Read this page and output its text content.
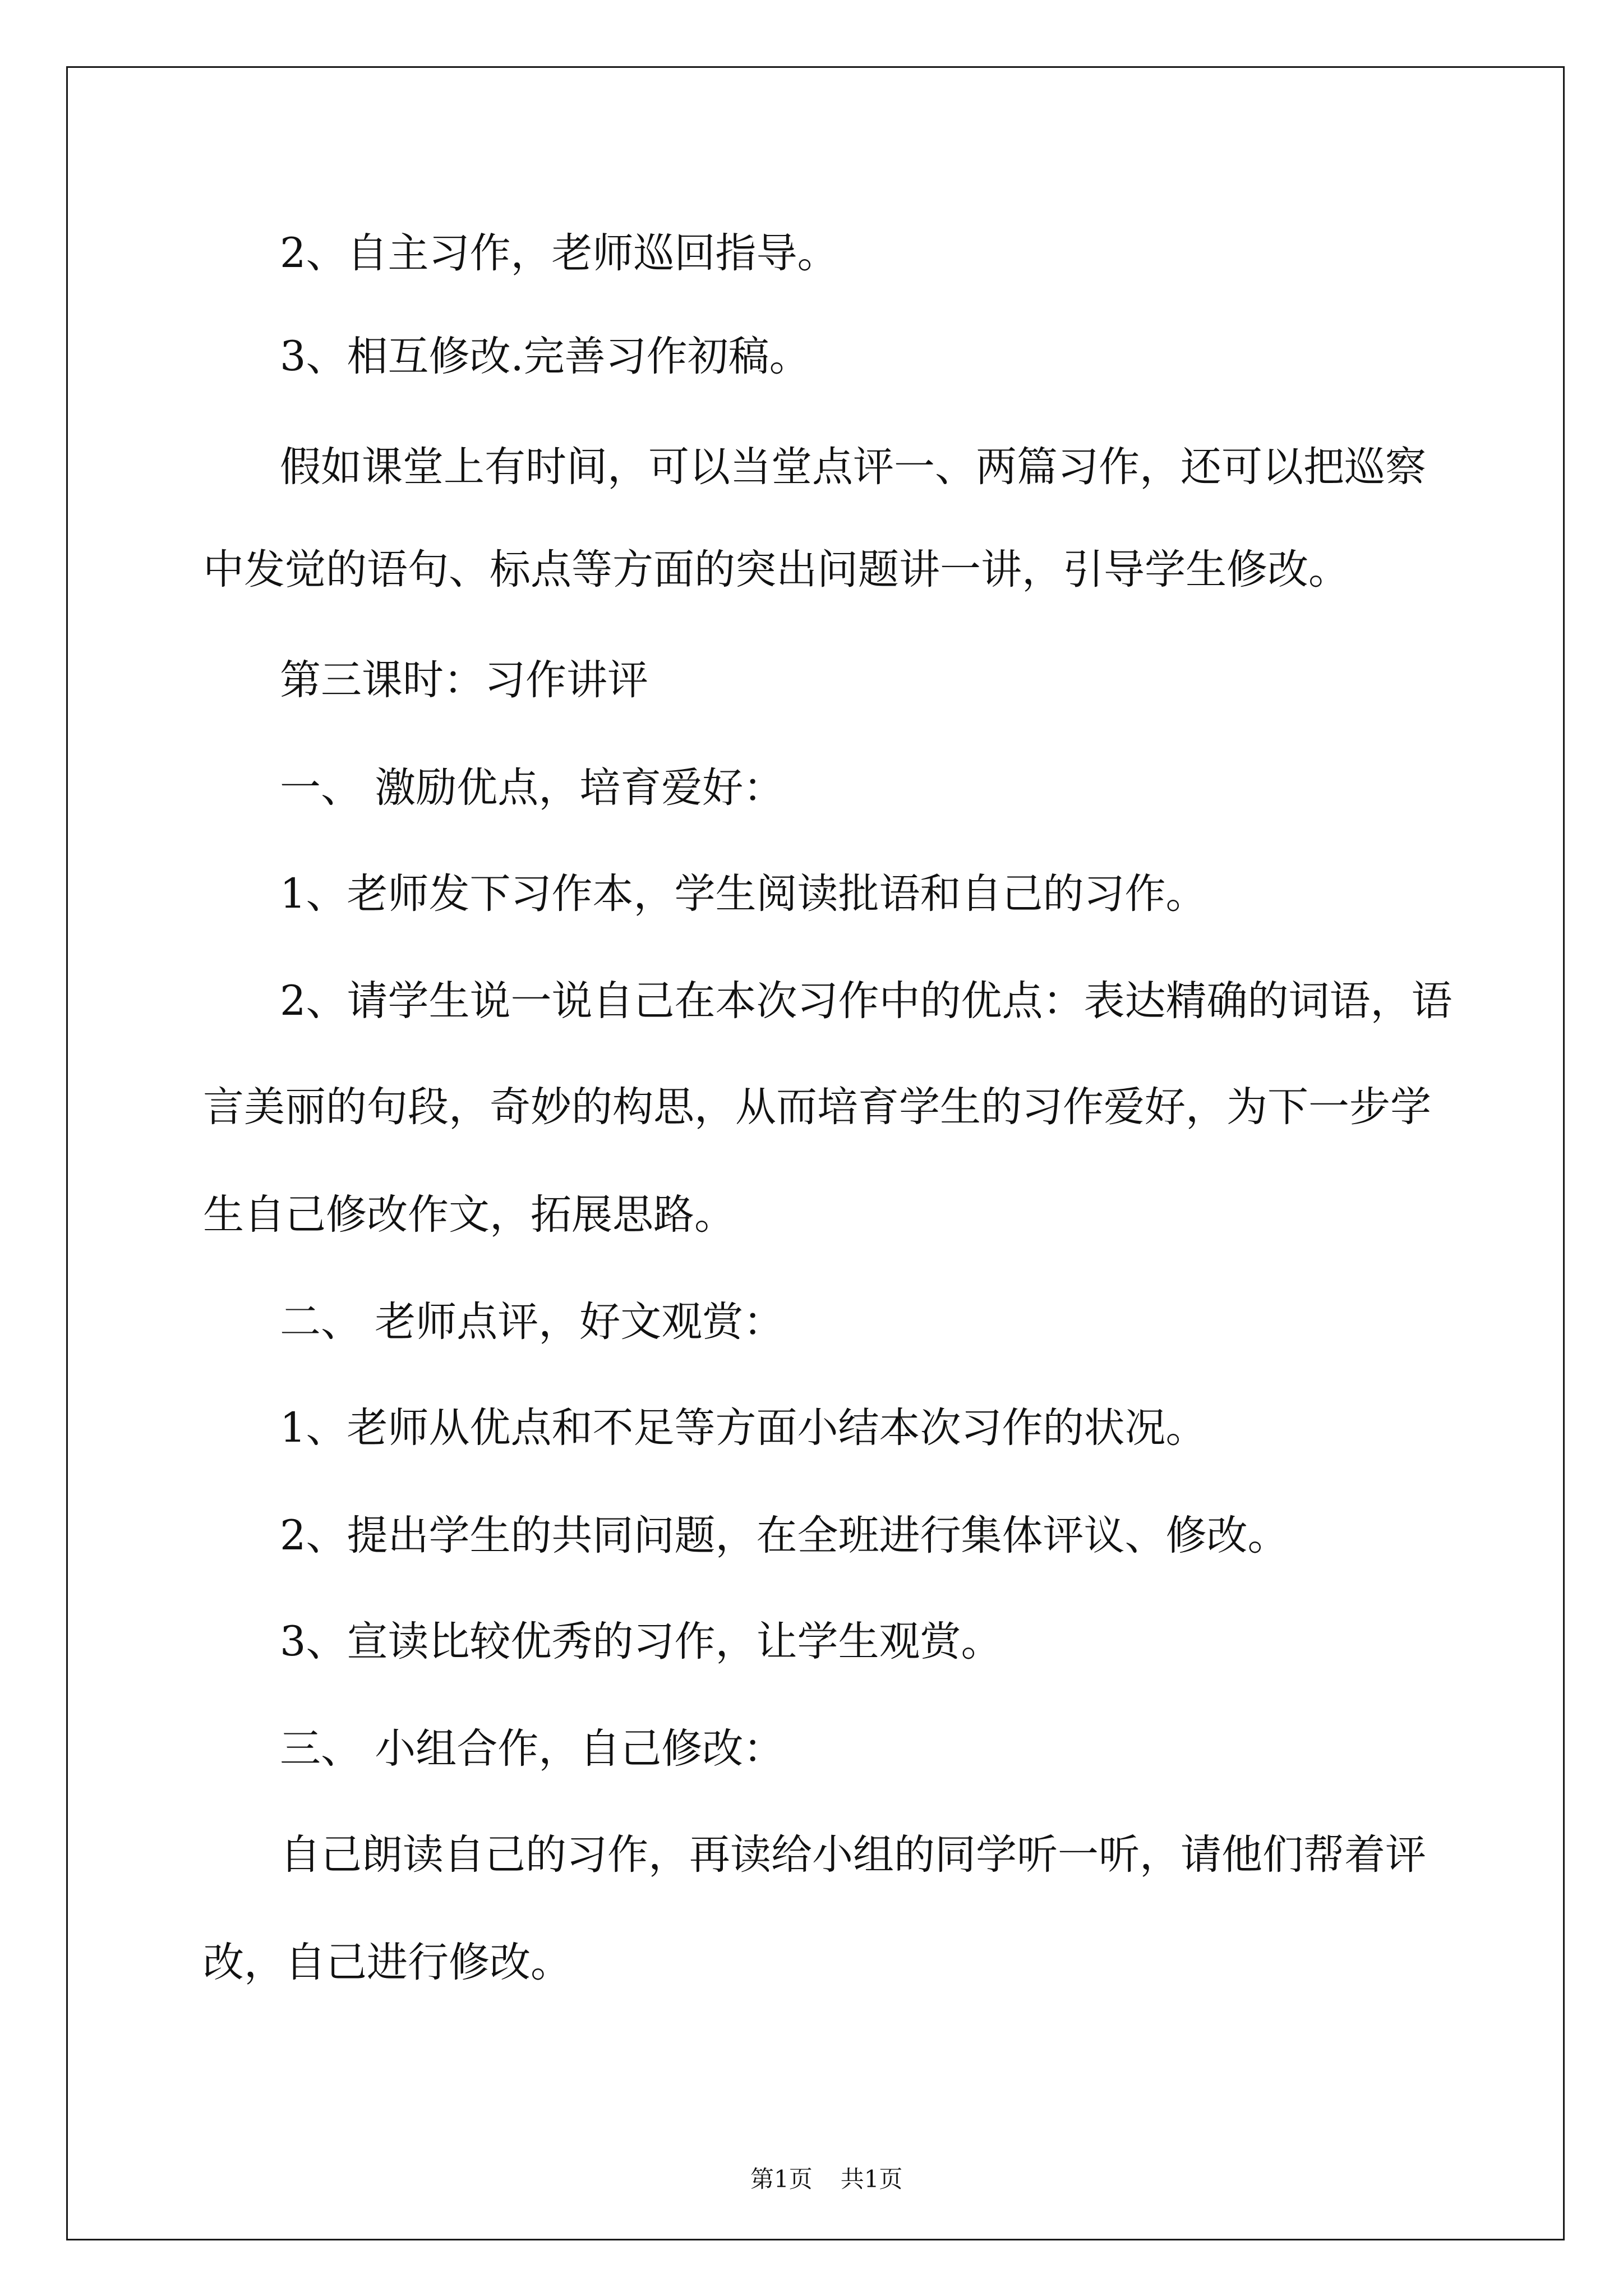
2、自主习作，老师巡回指导。
3、相互修改.完善习作初稿。
假如课堂上有时间，可以当堂点评一、两篇习作，还可以把巡察
中发觉的语句、标点等方面的突出问题讲一讲，引导学生修改。
第三课时：习作讲评
一、 激励优点，培育爱好：
1、老师发下习作本，学生阅读批语和自己的习作。
2、请学生说一说自己在本次习作中的优点：表达精确的词语，语
言美丽的句段，奇妙的构思，从而培育学生的习作爱好，为下一步学
生自己修改作文，拓展思路。
二、 老师点评，好文观赏：
1、老师从优点和不足等方面小结本次习作的状况。
2、提出学生的共同问题，在全班进行集体评议、修改。
3、宣读比较优秀的习作，让学生观赏。
三、 小组合作，自己修改：
自己朗读自己的习作，再读给小组的同学听一听，请他们帮着评
改，自己进行修改。

第1页 共1页
